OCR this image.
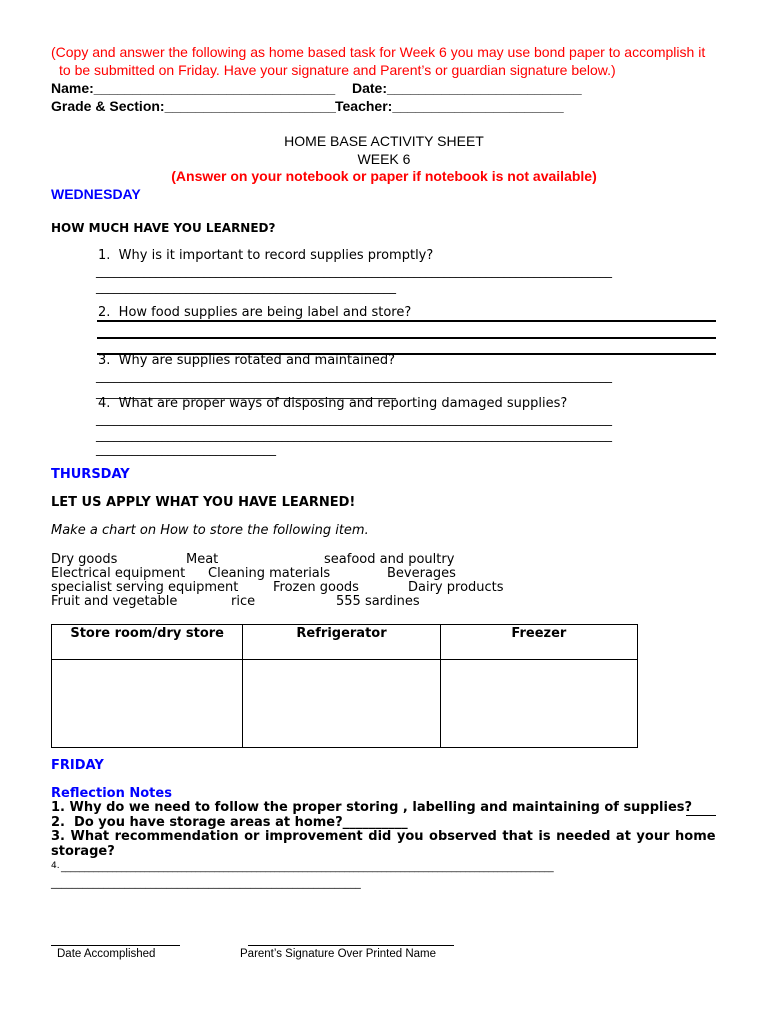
(Copy and answer the following as home based task for Week 6 you may use bond paper to accomplish it
to be submitted on Friday. Have your signature and Parent’s or guardian signature below.)
Name:_______________________________ Date:_________________________
Grade & Section:______________________ Teacher:______________________
HOME BASE ACTIVITY SHEET
WEEK 6
(Answer on your notebook or paper if notebook is not available)
WEDNESDAY
HOW MUCH HAVE YOU LEARNED?
1.  Why is it important to record supplies promptly?
______________________________________________________________________________________
__________________________________________________
2.  How food supplies are being label and store?
3.  Why are supplies rotated and maintained?
______________________________________________________________________________________
__________________________________________________
4.  What are proper ways of disposing and reporting damaged supplies?
______________________________________________________________________________________
______________________________________________________________________________________
______________________________
THURSDAY
LET US APPLY WHAT YOU HAVE LEARNED!
Make a chart on How to store the following item.
Dry goods	Meat	seafood and poultry
Electrical equipment Cleaning materials	Beverages
specialist serving equipment	Frozen goods	Dairy products
Fruit and vegetable	rice	555 sardines
Store room/dry store	Refrigerator	Freezer

FRIDAY
Reflection Notes
1. Why do we need to follow the proper storing , labelling and maintaining of supplies?
2.  Do you have storage areas at home?__________
3. What recommendation or improvement did you observed that is needed at your home
storage?
4. __________________________________________________________________________________________________________
___________________________________________________________
Date Accomplished	Parent’s Signature Over Printed Name
